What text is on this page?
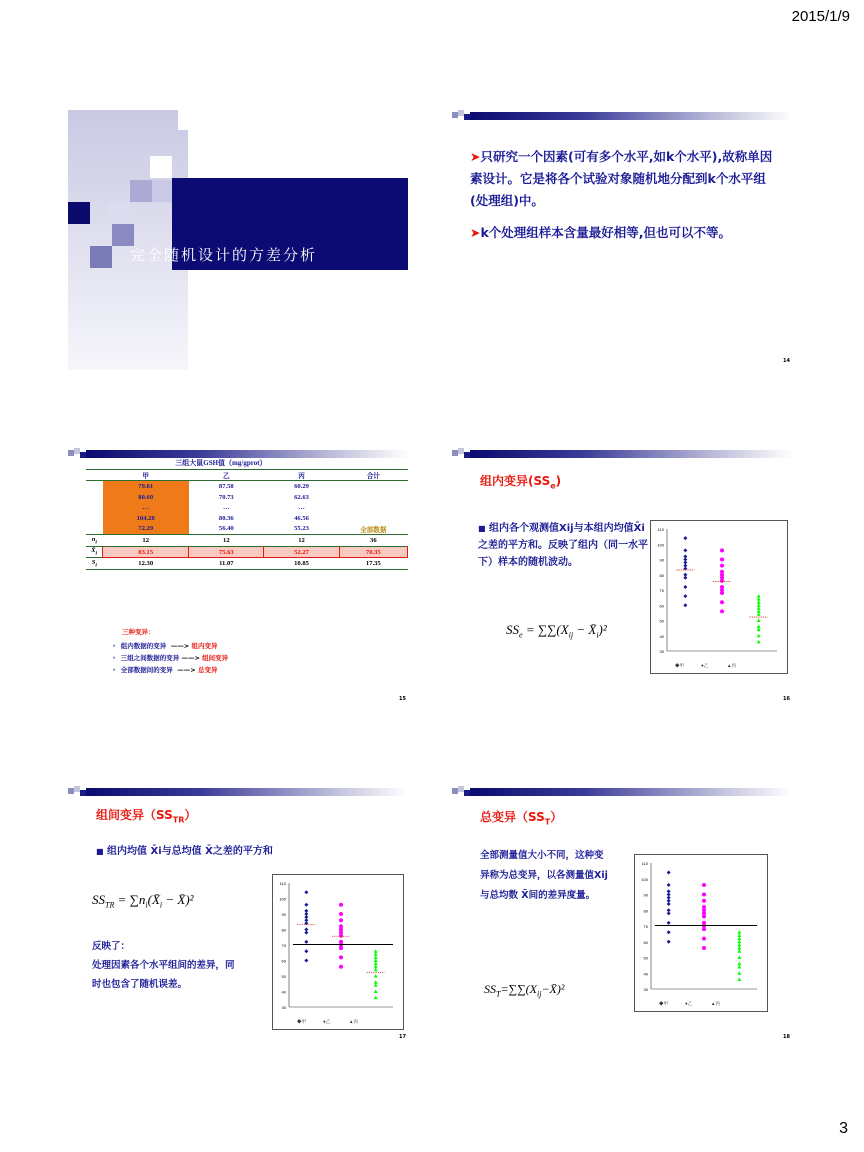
2015/1/9
完全随机设计的方差分析
➤只研究一个因素(可有多个水平,如k个水平),故称单因素设计。它是将各个试验对象随机地分配到k个水平组(处理组)中。
➤k个处理组样本含量最好相等,但也可以不等。
14
	三组大鼠GSH值（mg/gprot）			
	甲	乙	丙	合计
	79.81	87.58	60.29	
	80.60	70.73	62.63	
	…	…	…	
	104.28	80.36	46.56	
	72.29	56.40	55.23	全部数据
$n_i$	12	12	12	36
$X̄_i$	83.15	75.63	52.27	70.35
$S_i$	12.30	11.07	10.85	17.35
三种变异：
• 组内数据的变异 ——> 组内变异
• 三组之间数据的变异 ——> 组间变异
• 全部数据间的变异 ——> 总变异
15
组内变异$(SS_e)$
■ 组内各个观测值Xij与本组内均值X̄i之差的平方和。反映了组内（同一水平下）样本的随机波动。
$SS_e = \sum\sum(X_{ij}$ − $X̄_i)^2$
30
40
50
60
70
80
90
100
110
◆甲	●乙	▲丙
16
组间变异$(SS_{TR})$
■ 组内均值 X̄i与总均值 X̄之差的平方和
$SS_{TR}$ = $\sum n_i(X̄_i$ − X̄)²
反映了：
处理因素各个水平组间的差异，同时也包含了随机误差。
30
40
50
60
70
80
90
100
110
◆甲	●乙	▲丙
17
总变异$(SS_T)$
全部测量值大小不同，这种变异称为总变异，以各测量值Xij与总均数 X̄间的差异度量。
$SS_T=\sum\sum(X_{ij}-X̄)^2$	30
40
50
60
70
80
90
100
110
◆甲	●乙	▲丙
18
3
